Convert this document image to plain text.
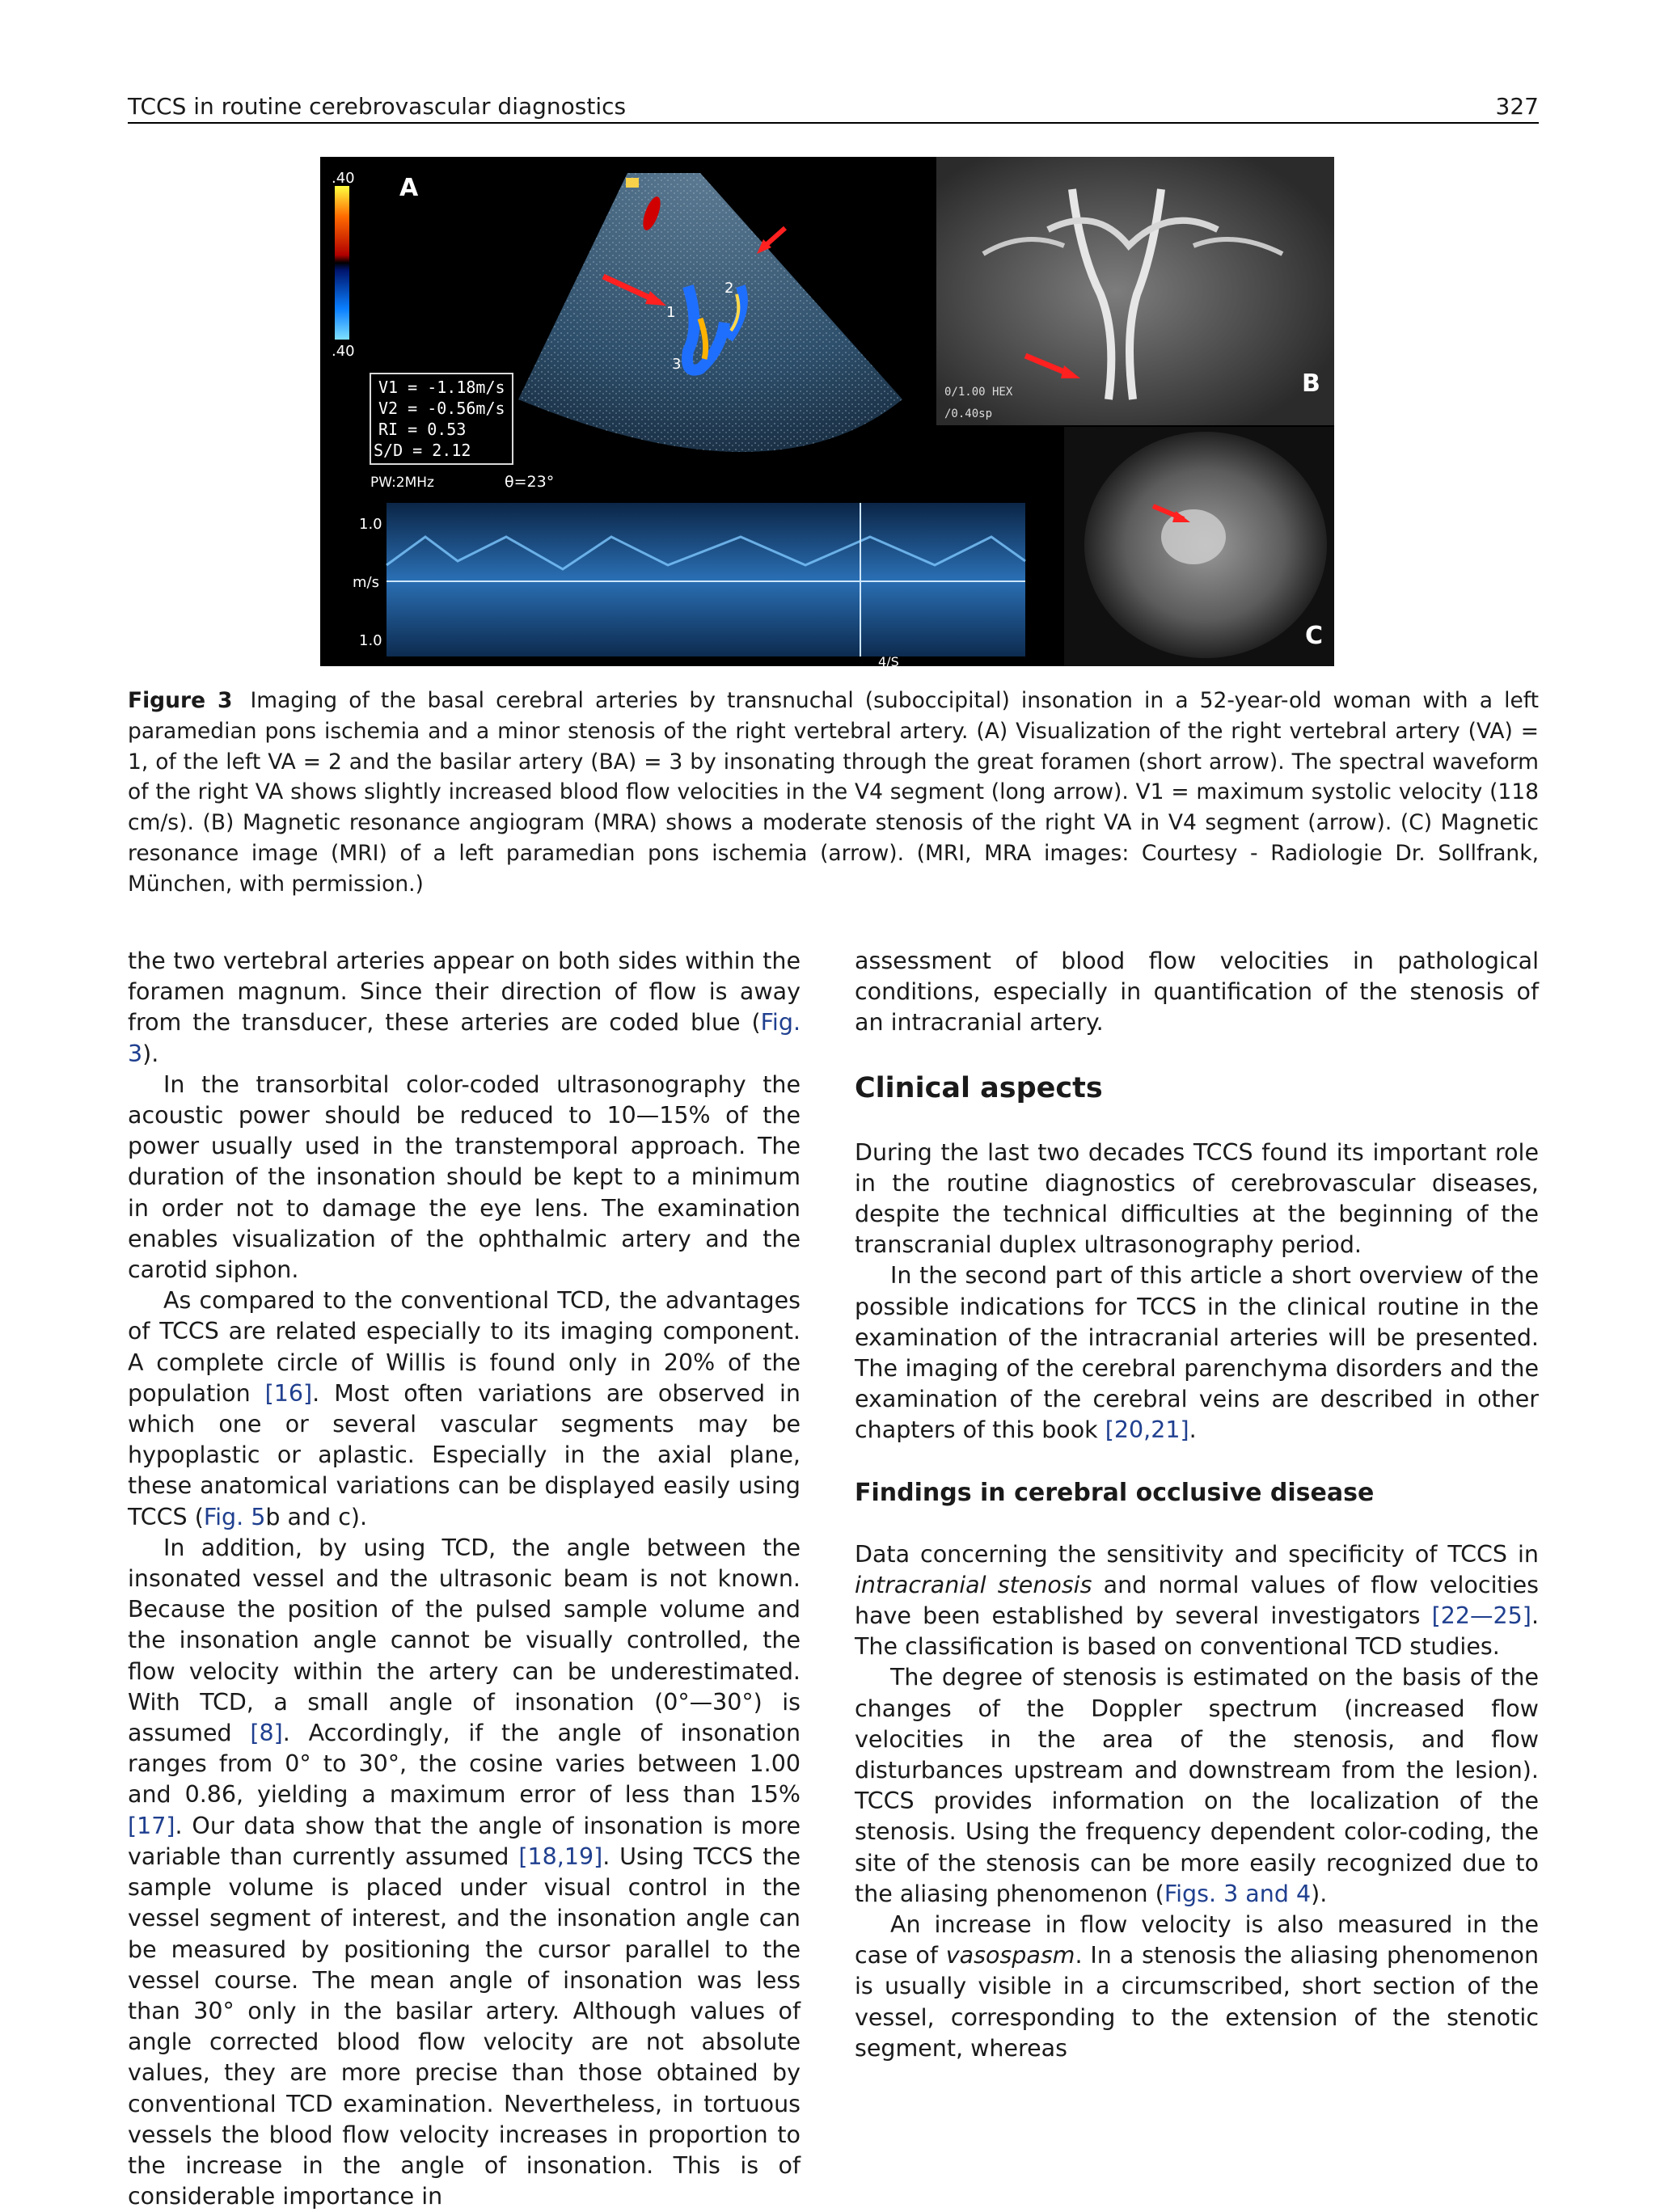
TCCS in routine cerebrovascular diagnostics	327
.40
.40
A
1
2
3
V1 = -1.18m/s
V2 = -0.56m/s
RI = 0.53
S/D = 2.12
PW:2MHz	θ=23°
1.0
m/s
1.0
4/S
0/1.00 HEX
/0.40sp
B
C
Figure 3 Imaging of the basal cerebral arteries by transnuchal (suboccipital) insonation in a 52-year-old woman with a left paramedian pons ischemia and a minor stenosis of the right vertebral artery. (A) Visualization of the right vertebral artery (VA) = 1, of the left VA = 2 and the basilar artery (BA) = 3 by insonating through the great foramen (short arrow). The spectral waveform of the right VA shows slightly increased blood flow velocities in the V4 segment (long arrow). V1 = maximum systolic velocity (118 cm/s). (B) Magnetic resonance angiogram (MRA) shows a moderate stenosis of the right VA in V4 segment (arrow). (C) Magnetic resonance image (MRI) of a left paramedian pons ischemia (arrow). (MRI, MRA images: Courtesy - Radiologie Dr. Sollfrank, München, with permission.)

the two vertebral arteries appear on both sides within the foramen magnum. Since their direction of flow is away from the transducer, these arteries are coded blue (Fig. 3).

In the transorbital color-coded ultrasonography the acoustic power should be reduced to 10—15% of the power usually used in the transtemporal approach. The duration of the insonation should be kept to a minimum in order not to damage the eye lens. The examination enables visualization of the ophthalmic artery and the carotid siphon.

As compared to the conventional TCD, the advantages of TCCS are related especially to its imaging component. A complete circle of Willis is found only in 20% of the population [16]. Most often variations are observed in which one or several vascular segments may be hypoplastic or aplastic. Especially in the axial plane, these anatomical variations can be displayed easily using TCCS (Fig. 5b and c).

In addition, by using TCD, the angle between the insonated vessel and the ultrasonic beam is not known. Because the position of the pulsed sample volume and the insonation angle cannot be visually controlled, the flow velocity within the artery can be underestimated. With TCD, a small angle of insonation (0°—30°) is assumed [8]. Accordingly, if the angle of insonation ranges from 0° to 30°, the cosine varies between 1.00 and 0.86, yielding a maximum error of less than 15% [17]. Our data show that the angle of insonation is more variable than currently assumed [18,19]. Using TCCS the sample volume is placed under visual control in the vessel segment of interest, and the insonation angle can be measured by positioning the cursor parallel to the vessel course. The mean angle of insonation was less than 30° only in the basilar artery. Although values of angle corrected blood flow velocity are not absolute values, they are more precise than those obtained by conventional TCD examination. Nevertheless, in tortuous vessels the blood flow velocity increases in proportion to the increase in the angle of insonation. This is of considerable importance in

assessment of blood flow velocities in pathological conditions, especially in quantification of the stenosis of an intracranial artery.

Clinical aspects

During the last two decades TCCS found its important role in the routine diagnostics of cerebrovascular diseases, despite the technical difficulties at the beginning of the transcranial duplex ultrasonography period.

In the second part of this article a short overview of the possible indications for TCCS in the clinical routine in the examination of the intracranial arteries will be presented. The imaging of the cerebral parenchyma disorders and the examination of the cerebral veins are described in other chapters of this book [20,21].

Findings in cerebral occlusive disease

Data concerning the sensitivity and specificity of TCCS in intracranial stenosis and normal values of flow velocities have been established by several investigators [22—25]. The classification is based on conventional TCD studies.

The degree of stenosis is estimated on the basis of the changes of the Doppler spectrum (increased flow velocities in the area of the stenosis, and flow disturbances upstream and downstream from the lesion). TCCS provides information on the localization of the stenosis. Using the frequency dependent color-coding, the site of the stenosis can be more easily recognized due to the aliasing phenomenon (Figs. 3 and 4).

An increase in flow velocity is also measured in the case of vasospasm. In a stenosis the aliasing phenomenon is usually visible in a circumscribed, short section of the vessel, corresponding to the extension of the stenotic segment, whereas
